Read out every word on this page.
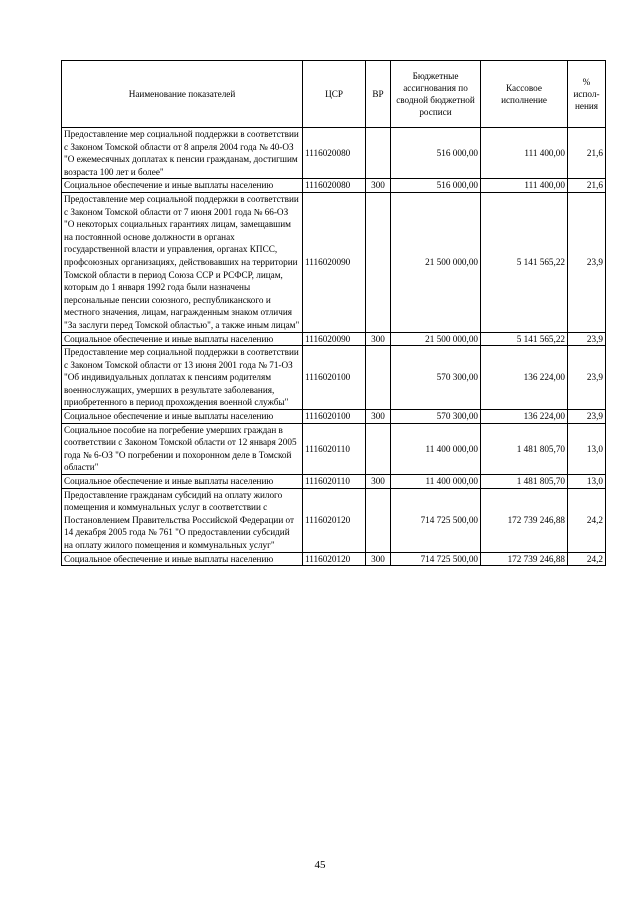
Наименование показателей	ЦСР	ВР	Бюджетные ассигнования по сводной бюджетной росписи	Кассовое исполнение	% испол-нения
Предоставление мер социальной поддержки в соответствии с Законом Томской области от 8 апреля 2004 года № 40-ОЗ "О ежемесячных доплатах к пенсии гражданам, достигшим возраста 100 лет и более"	1116020080		516 000,00	111 400,00	21,6
Социальное обеспечение и иные выплаты населению	1116020080	300	516 000,00	111 400,00	21,6
Предоставление мер социальной поддержки в соответствии с Законом Томской области от 7 июня 2001 года № 66-ОЗ "О некоторых социальных гарантиях лицам, замещавшим на постоянной основе должности в органах государственной власти и управления, органах КПСС, профсоюзных организациях, действовавших на территории Томской области в период Союза ССР и РСФСР, лицам, которым до 1 января 1992 года были назначены персональные пенсии союзного, республиканского и местного значения, лицам, награжденным знаком отличия "За заслуги перед Томской областью", а также иным лицам"	1116020090		21 500 000,00	5 141 565,22	23,9
Социальное обеспечение и иные выплаты населению	1116020090	300	21 500 000,00	5 141 565,22	23,9
Предоставление мер социальной поддержки в соответствии с Законом Томской области от 13 июня 2001 года № 71-ОЗ "Об индивидуальных доплатах к пенсиям родителям военнослужащих, умерших в результате заболевания, приобретенного в период прохождения военной службы"	1116020100		570 300,00	136 224,00	23,9
Социальное обеспечение и иные выплаты населению	1116020100	300	570 300,00	136 224,00	23,9
Социальное пособие на погребение умерших граждан в соответствии с Законом Томской области от 12 января 2005 года № 6-ОЗ "О погребении и похоронном деле в Томской области"	1116020110		11 400 000,00	1 481 805,70	13,0
Социальное обеспечение и иные выплаты населению	1116020110	300	11 400 000,00	1 481 805,70	13,0
Предоставление гражданам субсидий на оплату жилого помещения и коммунальных услуг в соответствии с Постановлением Правительства Российской Федерации от 14 декабря 2005 года № 761 "О предоставлении субсидий на оплату жилого помещения и коммунальных услуг"	1116020120		714 725 500,00	172 739 246,88	24,2
Социальное обеспечение и иные выплаты населению	1116020120	300	714 725 500,00	172 739 246,88	24,2
45
